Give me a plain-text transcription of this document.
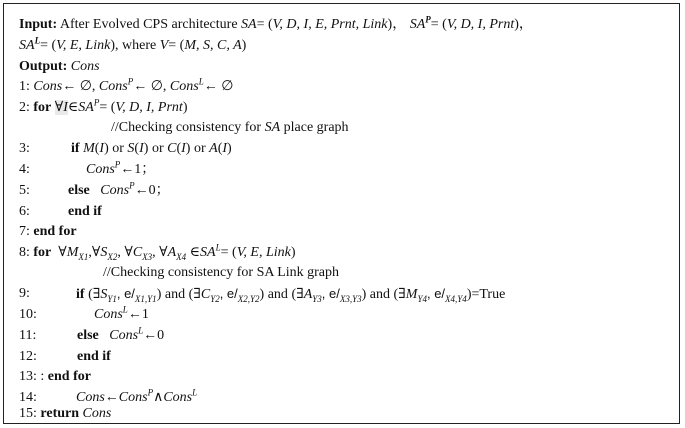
Input: After Evolved CPS architecture SA= (V, D, I, E, Prnt, Link)， $SA^P= (V$, D, I, Prnt)，
$SA^L= (V$, E, Link), where V= (M, S, C, A)
Output: Cons
1: Cons← ∅, Cons$^P$← ∅, Cons$^L$← ∅
2: for $\forall I\in SA^P= (V$, D, I, Prnt)
//Checking consistency for SA place graph
3:	if M(I) or S(I) or C(I) or A(I)
4:	Cons$^P$←1；
5:	else Cons$^P$←0；
6:	end if
7: end for
8: for $\forall M_{X1},\forall S_{X2}$, $\forall C_{X3}$, $\forall A_{X4}$ $\in SA^L= (V$, E, Link)
//Checking consistency for SA Link graph
9:	if ($\exists S_{Y1}$, $e/_{X1,Y1}$) and ($\exists C_{Y2}$, $e/_{X2,Y2}$) and ($\exists A_{Y3}$, $e/_{X3,Y3}$) and ($\exists M_{Y4}$, $e/_{X4,Y4})=True$
10:	Cons$^L$←1
11:	else Cons$^L$←0
12:	end if
13: : end for
14:	Cons←Cons$^P$∧Cons$^L$
15: return Cons
